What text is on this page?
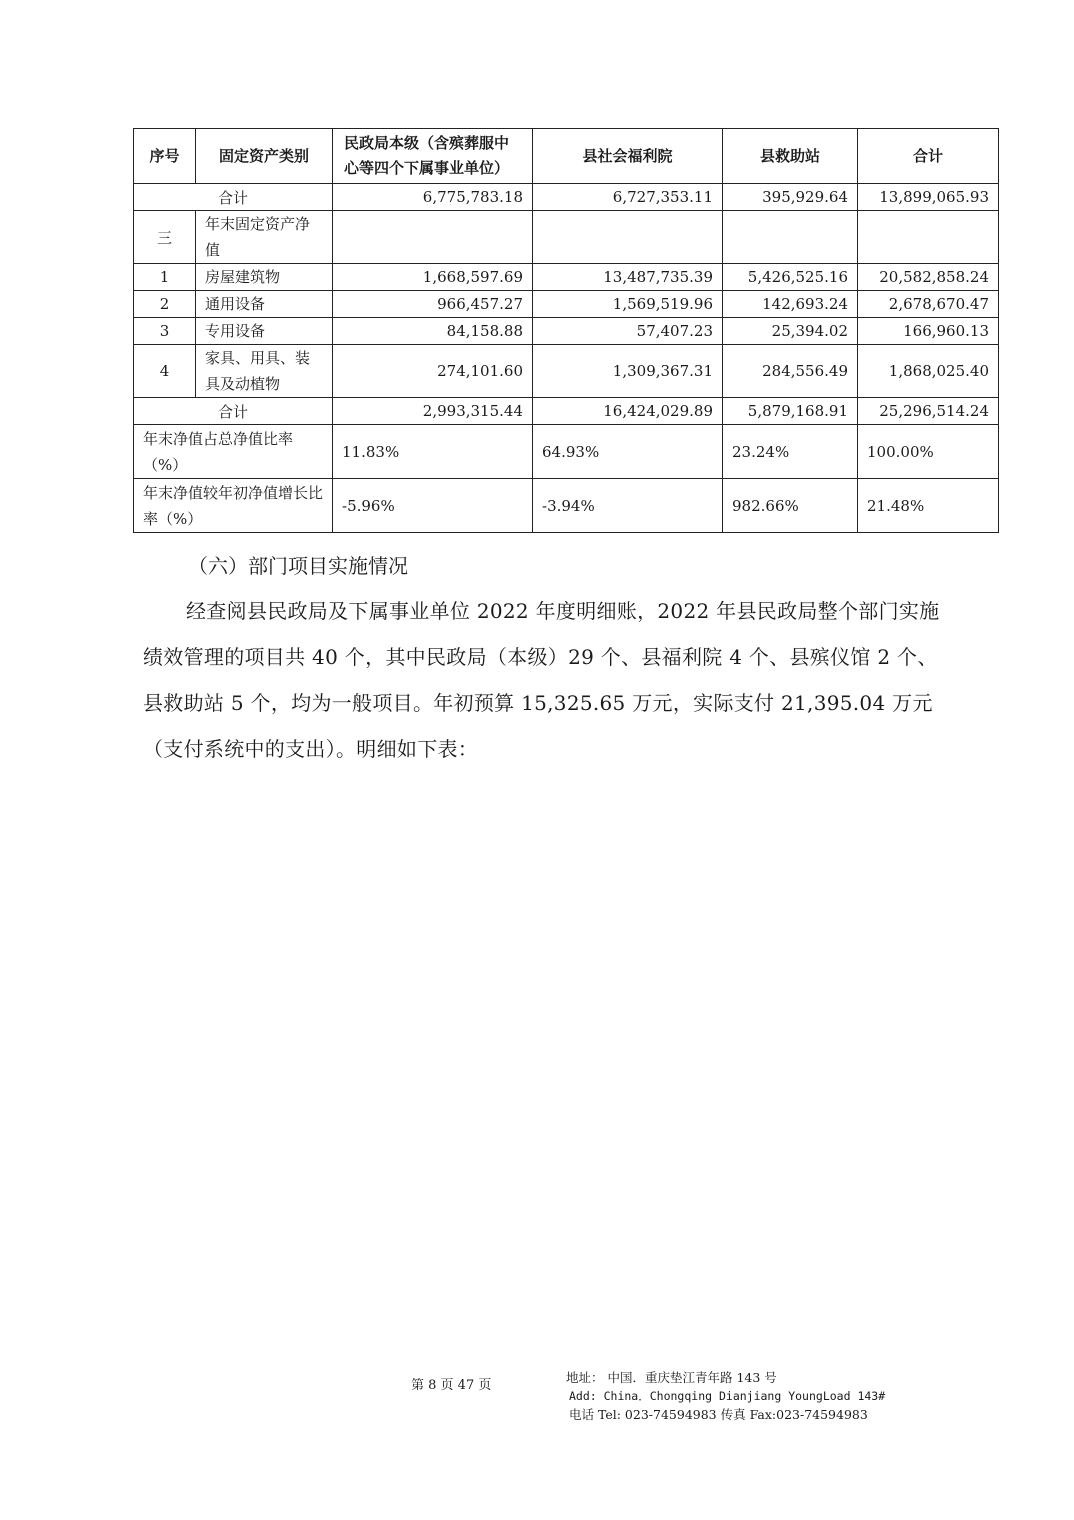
序号	固定资产类别	民政局本级（含殡葬服中心等四个下属事业单位）	县社会福利院	县救助站	合计
合计		6,775,783.18	6,727,353.11	395,929.64	13,899,065.93
三	年末固定资产净值				
1	房屋建筑物	1,668,597.69	13,487,735.39	5,426,525.16	20,582,858.24
2	通用设备	966,457.27	1,569,519.96	142,693.24	2,678,670.47
3	专用设备	84,158.88	57,407.23	25,394.02	166,960.13
4	家具、用具、装具及动植物	274,101.60	1,309,367.31	284,556.49	1,868,025.40
合计		2,993,315.44	16,424,029.89	5,879,168.91	25,296,514.24
年末净值占总净值比率（%）		11.83%	64.93%	23.24%	100.00%
年末净值较年初净值增长比率（%）		-5.96%	-3.94%	982.66%	21.48%
（六）部门项目实施情况
经查阅县民政局及下属事业单位 2022 年度明细账，2022 年县民政局整个部门实施绩效管理的项目共 40 个，其中民政局（本级）29 个、县福利院 4 个、县殡仪馆 2 个、县救助站 5 个，均为一般项目。年初预算 15,325.65 万元，实际支付 21,395.04 万元（支付系统中的支出）。明细如下表：
第 8 页 47 页
地址： 中国．重庆垫江青年路 143 号
Add: China．Chongqing Dianjiang YoungLoad 143#
电话 Tel: 023-74594983 传真 Fax:023-74594983
